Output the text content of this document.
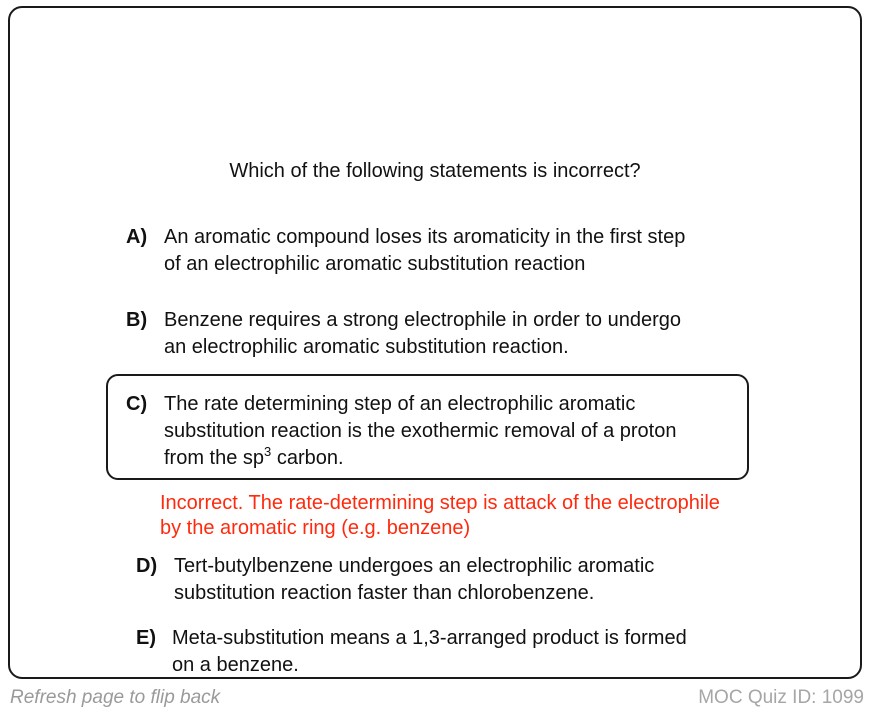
Which of the following statements is incorrect?
A) An aromatic compound loses its aromaticity in the first step
of an electrophilic aromatic substitution reaction
B) Benzene requires a strong electrophile in order to undergo
an electrophilic aromatic substitution reaction.
C) The rate determining step of an electrophilic aromatic
substitution reaction is the exothermic removal of a proton
from the $sp^3$ carbon.
Incorrect. The rate-determining step is attack of the electrophile
by the aromatic ring (e.g. benzene)
D) Tert-butylbenzene undergoes an electrophilic aromatic
substitution reaction faster than chlorobenzene.
E) Meta-substitution means a 1,3-arranged product is formed
on a benzene.
Refresh page to flip back	MOC Quiz ID: 1099
